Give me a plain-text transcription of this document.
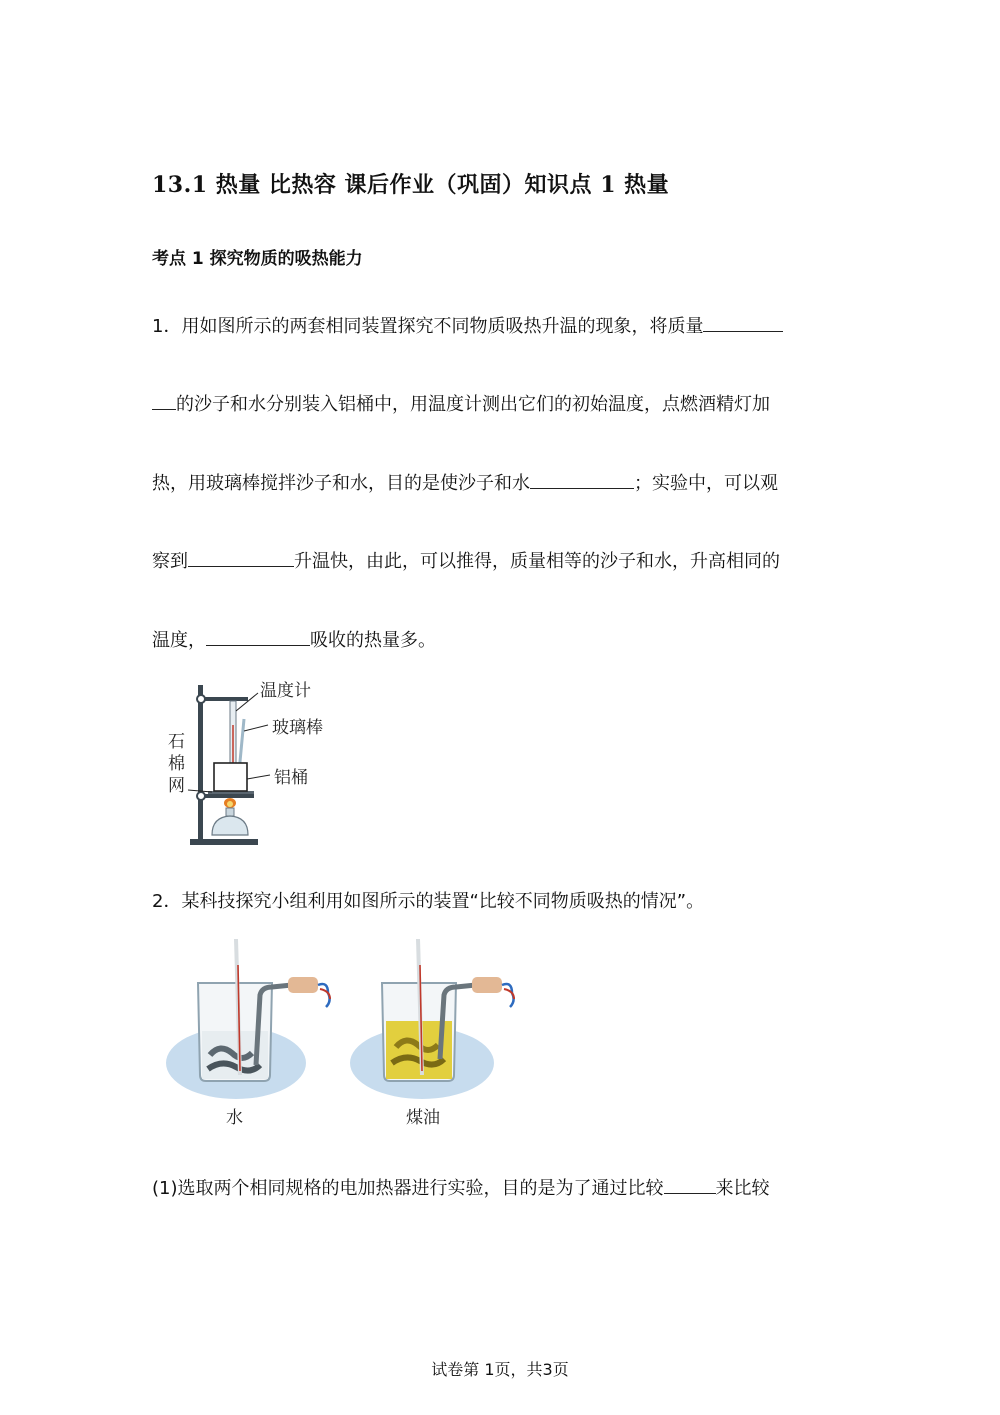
13.1 热量 比热容 课后作业（巩固）知识点 1 热量
考点 1 探究物质的吸热能力
1．用如图所示的两套相同装置探究不同物质吸热升温的现象，将质量
的沙子和水分别装入铝桶中，用温度计测出它们的初始温度，点燃酒精灯加
热，用玻璃棒搅拌沙子和水，目的是使沙子和水	；实验中，可以观
察到	升温快，由此，可以推得，质量相等的沙子和水，升高相同的
温度，	吸收的热量多。
温度计
玻璃棒
铝桶
石
棉
网
2．某科技探究小组利用如图所示的装置“比较不同物质吸热的情况”。
水	煤油
(1)选取两个相同规格的电加热器进行实验，目的是为了通过比较	来比较
试卷第 1页，共3页
